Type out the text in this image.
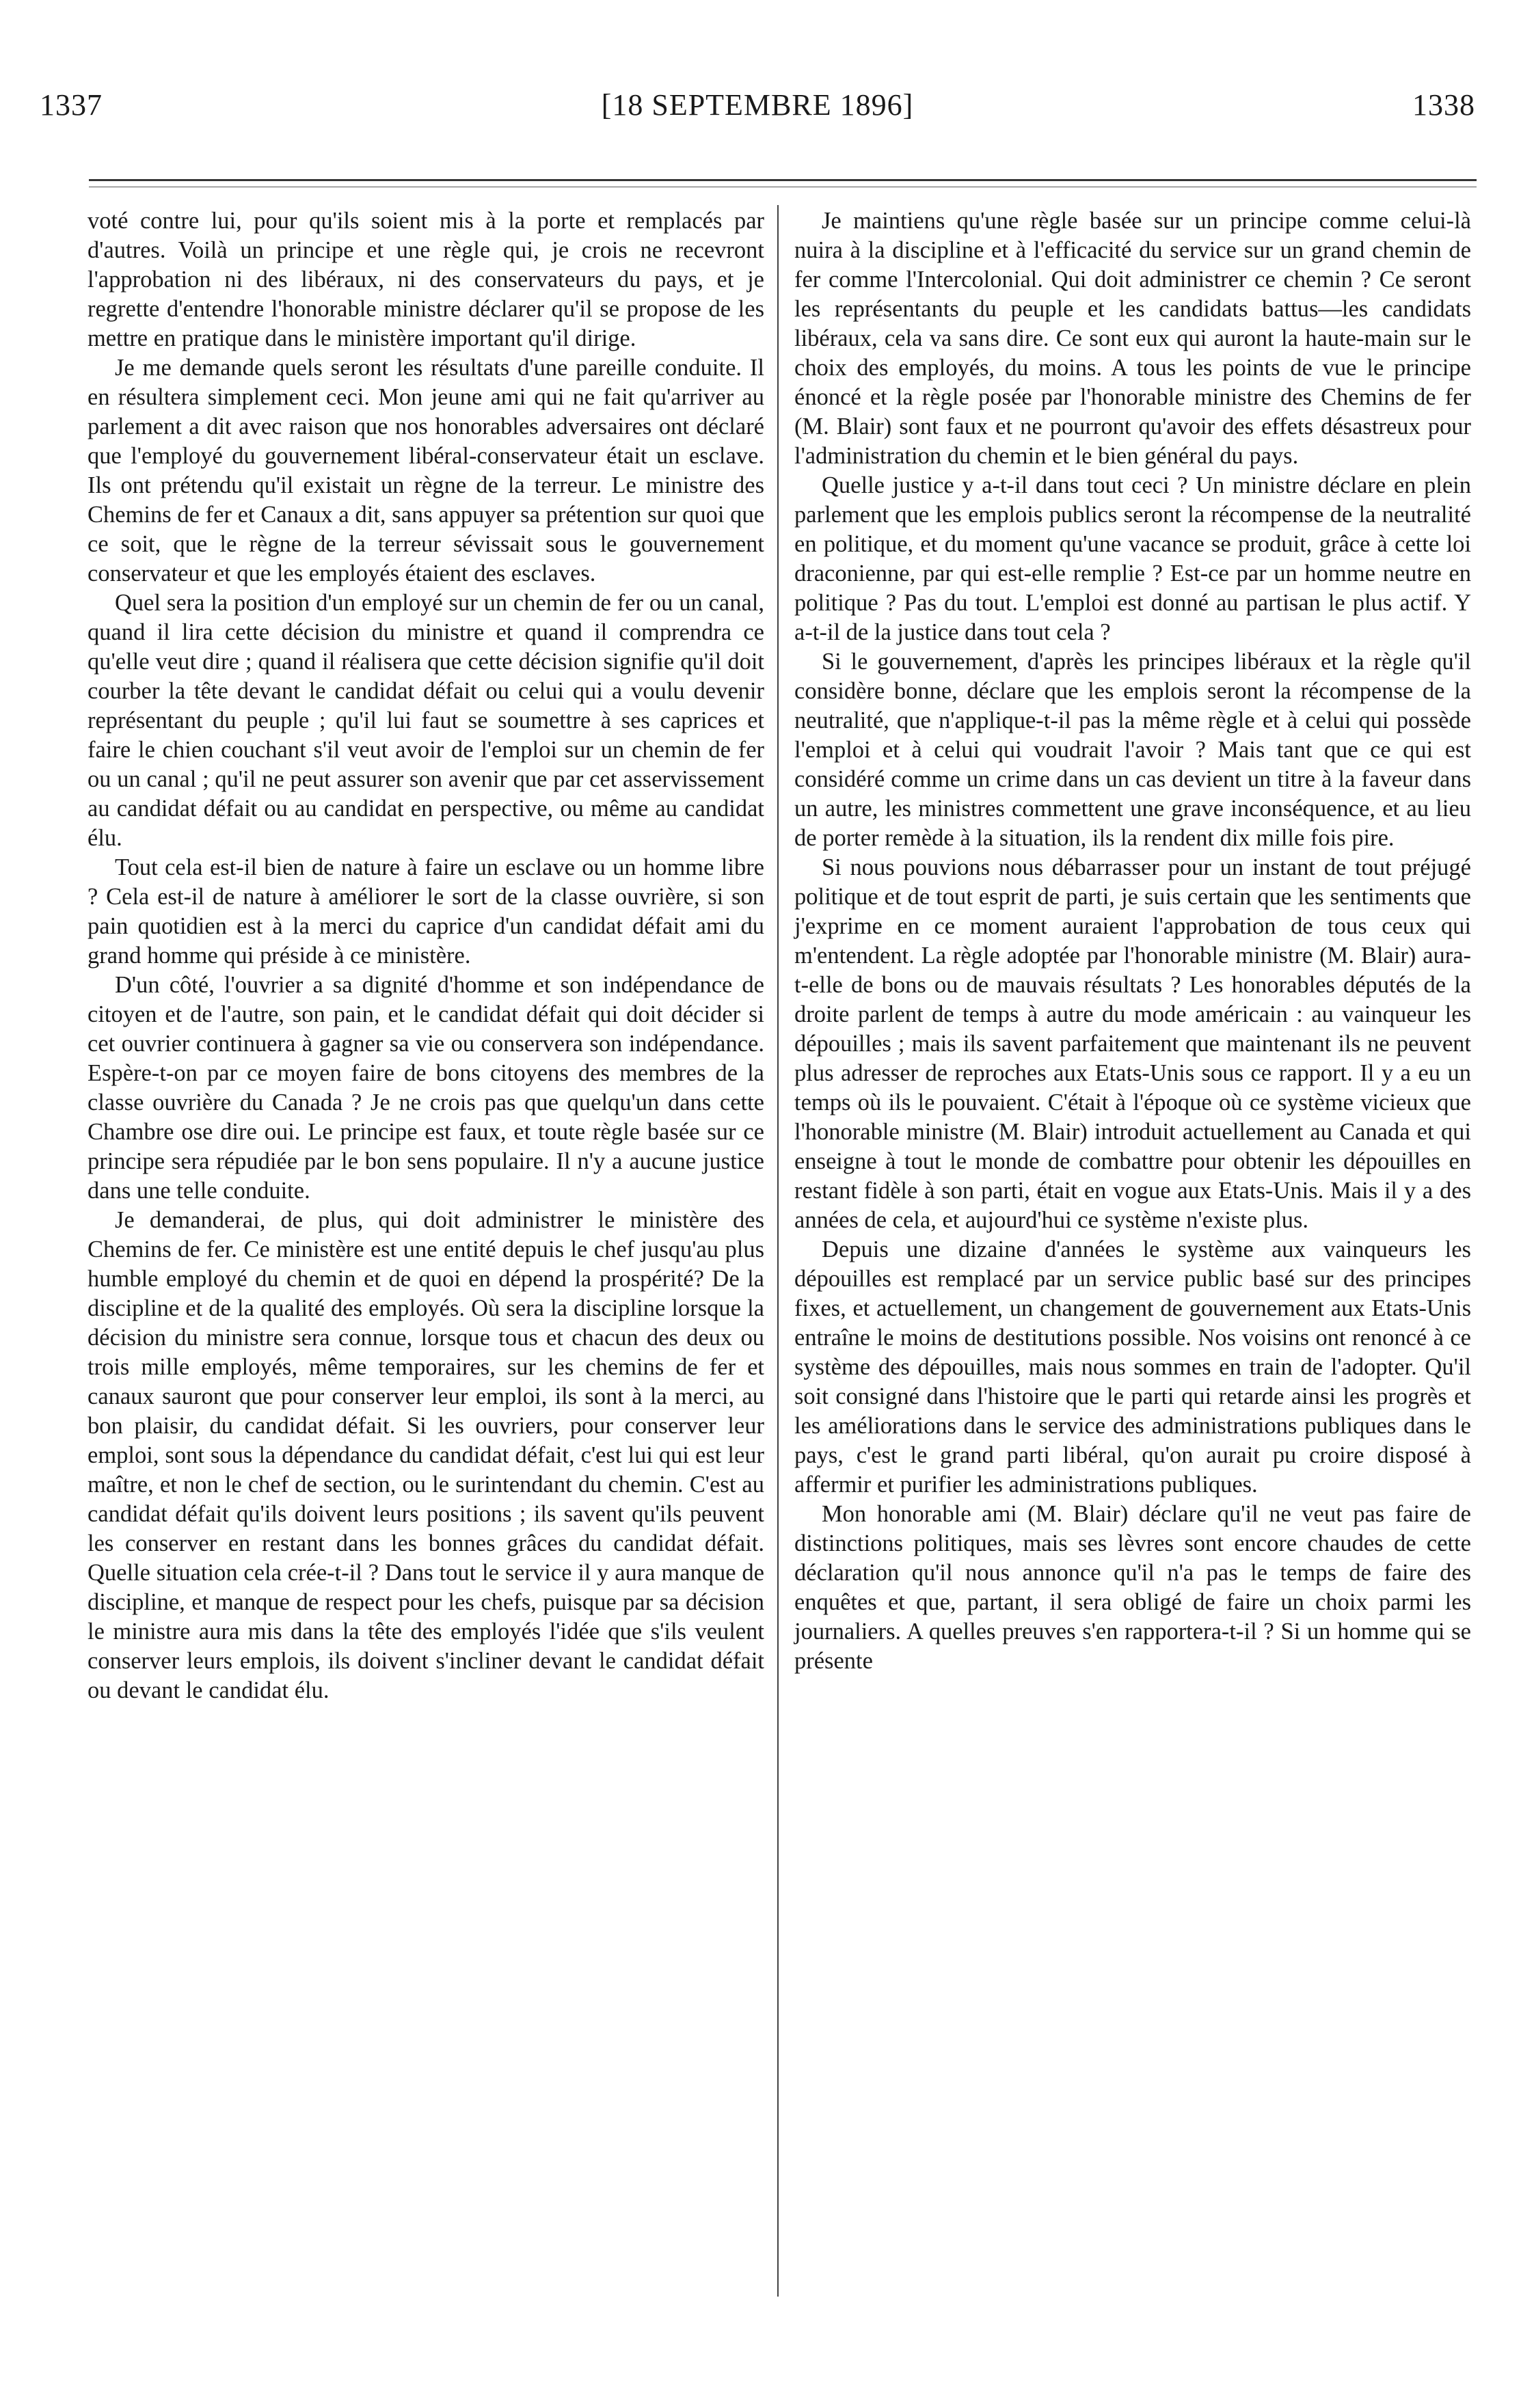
1337	[18 SEPTEMBRE 1896]	1338

voté contre lui, pour qu'ils soient mis à la porte et remplacés par d'autres. Voilà un principe et une règle qui, je crois ne recevront l'approbation ni des libéraux, ni des conservateurs du pays, et je regrette d'entendre l'honorable ministre déclarer qu'il se propose de les mettre en pratique dans le ministère important qu'il dirige.

Je me demande quels seront les résultats d'une pareille conduite. Il en résultera simplement ceci. Mon jeune ami qui ne fait qu'arriver au parlement a dit avec raison que nos honorables adversaires ont déclaré que l'employé du gouvernement libéral-conservateur était un esclave. Ils ont prétendu qu'il existait un règne de la terreur. Le ministre des Chemins de fer et Canaux a dit, sans appuyer sa prétention sur quoi que ce soit, que le règne de la terreur sévissait sous le gouvernement conservateur et que les employés étaient des esclaves.

Quel sera la position d'un employé sur un chemin de fer ou un canal, quand il lira cette décision du ministre et quand il comprendra ce qu'elle veut dire ; quand il réalisera que cette décision signifie qu'il doit courber la tête devant le candidat défait ou celui qui a voulu devenir représentant du peuple ; qu'il lui faut se soumettre à ses caprices et faire le chien couchant s'il veut avoir de l'emploi sur un chemin de fer ou un canal ; qu'il ne peut assurer son avenir que par cet asservissement au candidat défait ou au candidat en perspective, ou même au candidat élu.

Tout cela est-il bien de nature à faire un esclave ou un homme libre ? Cela est-il de nature à améliorer le sort de la classe ouvrière, si son pain quotidien est à la merci du caprice d'un candidat défait ami du grand homme qui préside à ce ministère.

D'un côté, l'ouvrier a sa dignité d'homme et son indépendance de citoyen et de l'autre, son pain, et le candidat défait qui doit décider si cet ouvrier continuera à gagner sa vie ou conservera son indépendance. Espère-t-on par ce moyen faire de bons citoyens des membres de la classe ouvrière du Canada ? Je ne crois pas que quelqu'un dans cette Chambre ose dire oui. Le principe est faux, et toute règle basée sur ce principe sera répudiée par le bon sens populaire. Il n'y a aucune justice dans une telle conduite.

Je demanderai, de plus, qui doit administrer le ministère des Chemins de fer. Ce ministère est une entité depuis le chef jusqu'au plus humble employé du chemin et de quoi en dépend la prospérité? De la discipline et de la qualité des employés. Où sera la discipline lorsque la décision du ministre sera connue, lorsque tous et chacun des deux ou trois mille employés, même temporaires, sur les chemins de fer et canaux sauront que pour conserver leur emploi, ils sont à la merci, au bon plaisir, du candidat défait. Si les ouvriers, pour conserver leur emploi, sont sous la dépendance du candidat défait, c'est lui qui est leur maître, et non le chef de section, ou le surintendant du chemin. C'est au candidat défait qu'ils doivent leurs positions ; ils savent qu'ils peuvent les conserver en restant dans les bonnes grâces du candidat défait. Quelle situation cela crée-t-il ? Dans tout le service il y aura manque de discipline, et manque de respect pour les chefs, puisque par sa décision le ministre aura mis dans la tête des employés l'idée que s'ils veulent conserver leurs emplois, ils doivent s'incliner devant le candidat défait ou devant le candidat élu.

Je maintiens qu'une règle basée sur un principe comme celui-là nuira à la discipline et à l'efficacité du service sur un grand chemin de fer comme l'Intercolonial. Qui doit administrer ce chemin ? Ce seront les représentants du peuple et les candidats battus—les candidats libéraux, cela va sans dire. Ce sont eux qui auront la haute-main sur le choix des employés, du moins. A tous les points de vue le principe énoncé et la règle posée par l'honorable ministre des Chemins de fer (M. Blair) sont faux et ne pourront qu'avoir des effets désastreux pour l'administration du chemin et le bien général du pays.

Quelle justice y a-t-il dans tout ceci ? Un ministre déclare en plein parlement que les emplois publics seront la récompense de la neutralité en politique, et du moment qu'une vacance se produit, grâce à cette loi draconienne, par qui est-elle remplie ? Est-ce par un homme neutre en politique ? Pas du tout. L'emploi est donné au partisan le plus actif. Y a-t-il de la justice dans tout cela ?

Si le gouvernement, d'après les principes libéraux et la règle qu'il considère bonne, déclare que les emplois seront la récompense de la neutralité, que n'applique-t-il pas la même règle et à celui qui possède l'emploi et à celui qui voudrait l'avoir ? Mais tant que ce qui est considéré comme un crime dans un cas devient un titre à la faveur dans un autre, les ministres commettent une grave inconséquence, et au lieu de porter remède à la situation, ils la rendent dix mille fois pire.

Si nous pouvions nous débarrasser pour un instant de tout préjugé politique et de tout esprit de parti, je suis certain que les sentiments que j'exprime en ce moment auraient l'approbation de tous ceux qui m'entendent. La règle adoptée par l'honorable ministre (M. Blair) aura-t-elle de bons ou de mauvais résultats ? Les honorables députés de la droite parlent de temps à autre du mode américain : au vainqueur les dépouilles ; mais ils savent parfaitement que maintenant ils ne peuvent plus adresser de reproches aux Etats-Unis sous ce rapport. Il y a eu un temps où ils le pouvaient. C'était à l'époque où ce système vicieux que l'honorable ministre (M. Blair) introduit actuellement au Canada et qui enseigne à tout le monde de combattre pour obtenir les dépouilles en restant fidèle à son parti, était en vogue aux Etats-Unis. Mais il y a des années de cela, et aujourd'hui ce système n'existe plus.

Depuis une dizaine d'années le système aux vainqueurs les dépouilles est remplacé par un service public basé sur des principes fixes, et actuellement, un changement de gouvernement aux Etats-Unis entraîne le moins de destitutions possible. Nos voisins ont renoncé à ce système des dépouilles, mais nous sommes en train de l'adopter. Qu'il soit consigné dans l'histoire que le parti qui retarde ainsi les progrès et les améliorations dans le service des administrations publiques dans le pays, c'est le grand parti libéral, qu'on aurait pu croire disposé à affermir et purifier les administrations publiques.

Mon honorable ami (M. Blair) déclare qu'il ne veut pas faire de distinctions politiques, mais ses lèvres sont encore chaudes de cette déclaration qu'il nous annonce qu'il n'a pas le temps de faire des enquêtes et que, partant, il sera obligé de faire un choix parmi les journaliers. A quelles preuves s'en rapportera-t-il ? Si un homme qui se présente
